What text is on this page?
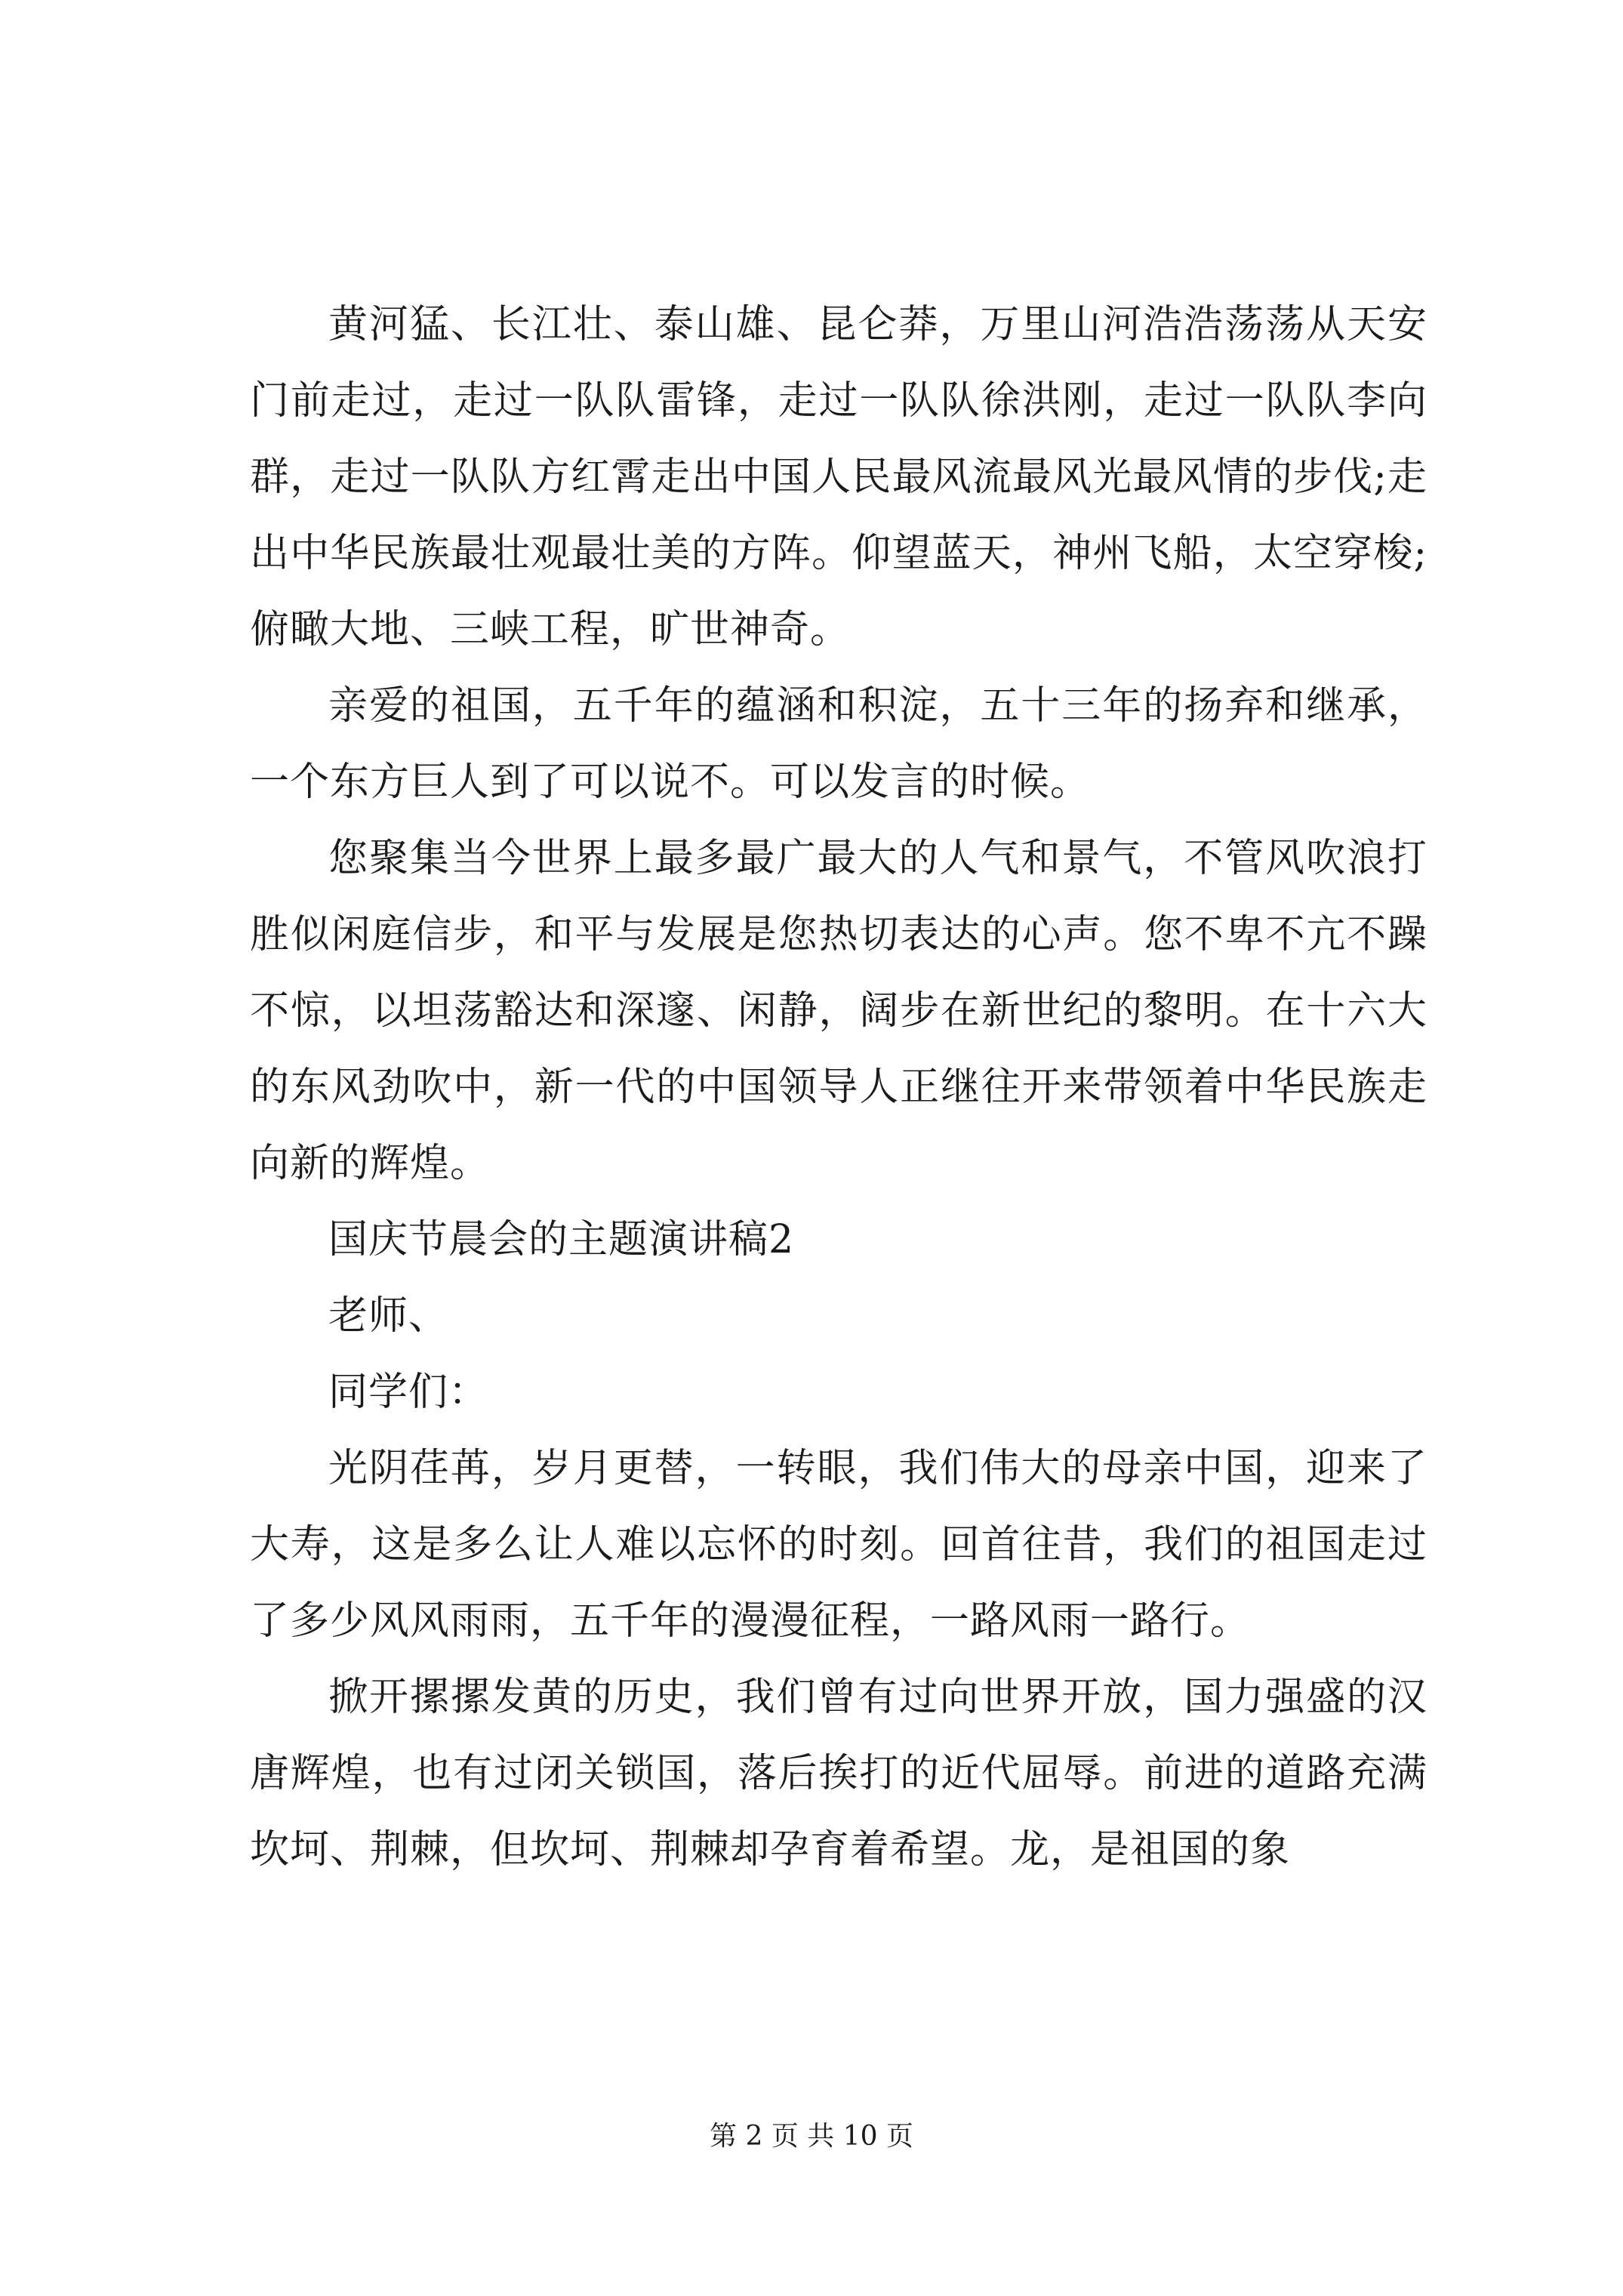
黄河猛、长江壮、泰山雄、昆仑莽，万里山河浩浩荡荡从天安门前走过，走过一队队雷锋，走过一队队徐洪刚，走过一队队李向群，走过一队队方红霄走出中国人民最风流最风光最风情的步伐;走出中华民族最壮观最壮美的方阵。仰望蓝天，神州飞船，太空穿梭;俯瞰大地、三峡工程，旷世神奇。

亲爱的祖国，五千年的蕴涵和积淀，五十三年的扬弃和继承，一个东方巨人到了可以说不。可以发言的时候。

您聚集当今世界上最多最广最大的人气和景气，不管风吹浪打胜似闲庭信步，和平与发展是您热切表达的心声。您不卑不亢不躁不惊，以坦荡豁达和深邃、闲静，阔步在新世纪的黎明。在十六大的东风劲吹中，新一代的中国领导人正继往开来带领着中华民族走向新的辉煌。

国庆节晨会的主题演讲稿2

老师、

同学们：

光阴荏苒，岁月更替，一转眼，我们伟大的母亲中国，迎来了大寿，这是多么让人难以忘怀的时刻。回首往昔，我们的祖国走过了多少风风雨雨，五千年的漫漫征程，一路风雨一路行。

掀开摞摞发黄的历史，我们曾有过向世界开放，国力强盛的汉唐辉煌，也有过闭关锁国，落后挨打的近代屈辱。前进的道路充满坎坷、荆棘，但坎坷、荆棘却孕育着希望。龙，是祖国的象

第 2 页 共 10 页
